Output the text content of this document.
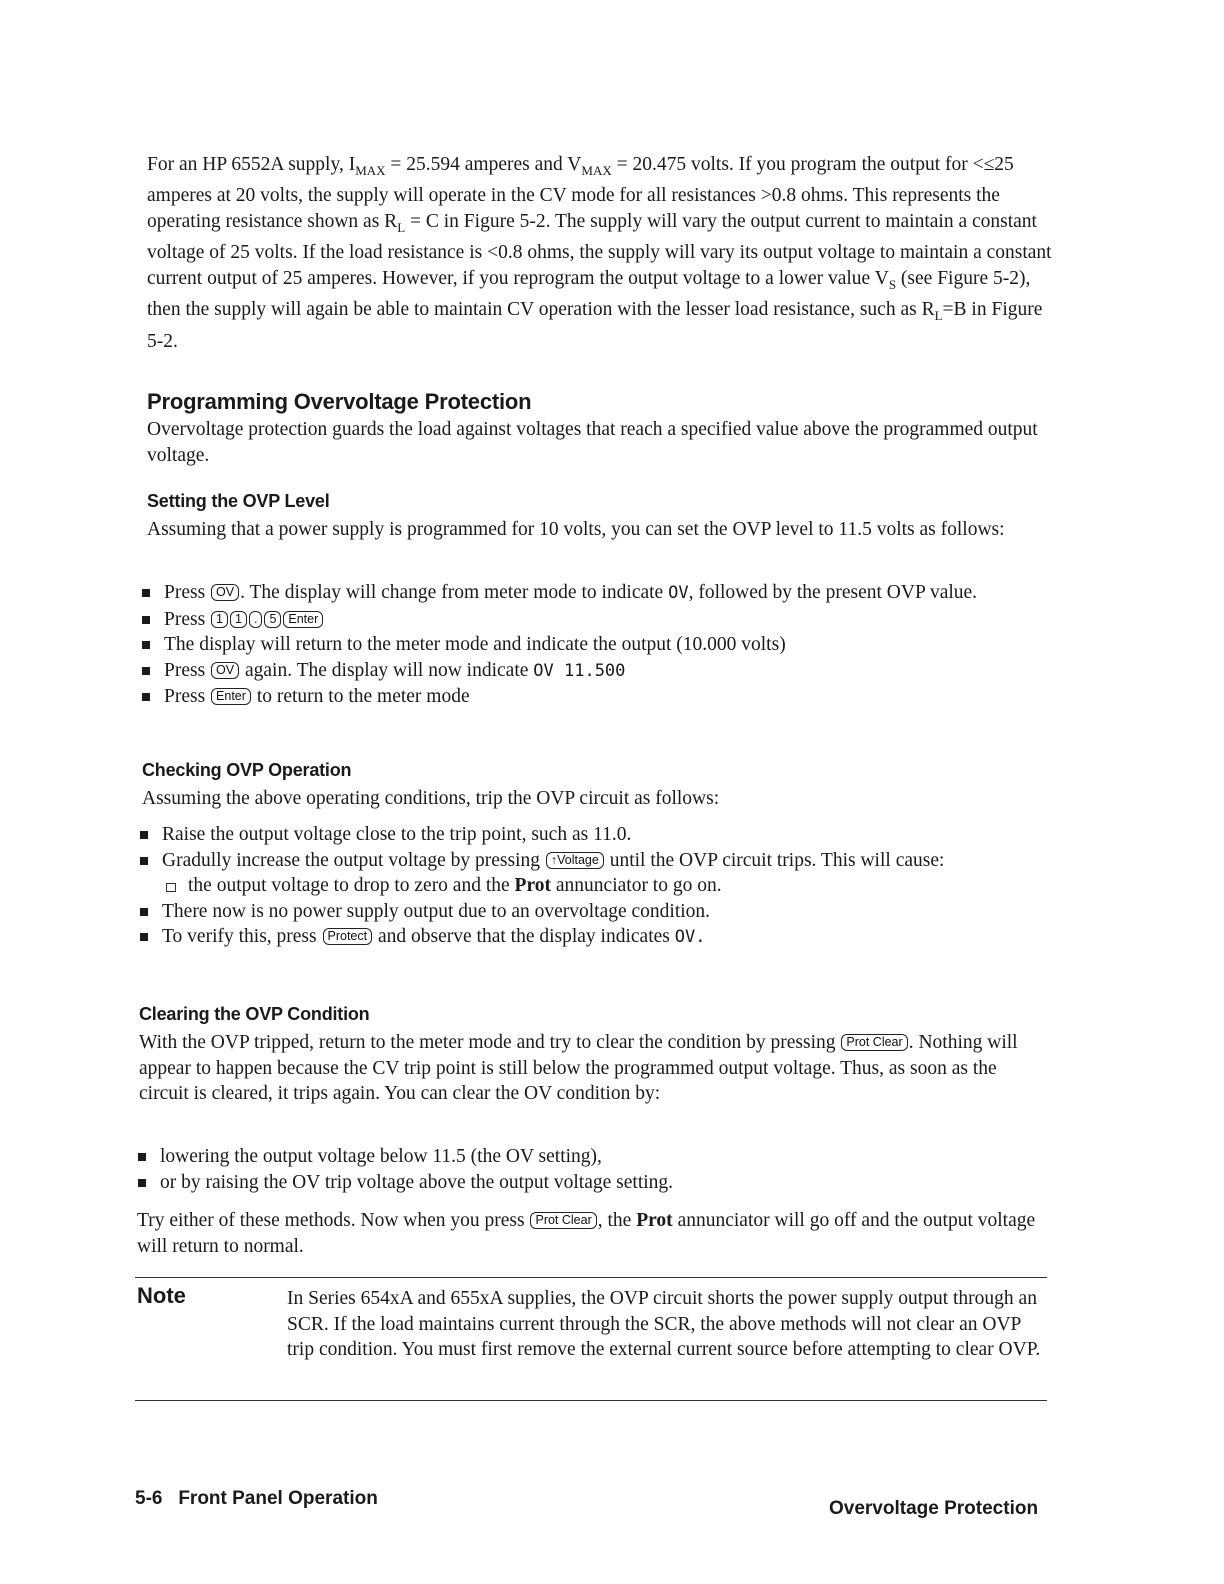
For an HP 6552A supply, $I_{MAX} = 25.594$ amperes and $V_{MAX} = 20.475$ volts. If you program the output for <≤25 amperes at 20 volts, the supply will operate in the CV mode for all resistances >0.8 ohms. This represents the operating resistance shown as $R_L = C$ in Figure 5-2. The supply will vary the output current to maintain a constant voltage of 25 volts. If the load resistance is <0.8 ohms, the supply will vary its output voltage to maintain a constant current output of 25 amperes. However, if you reprogram the output voltage to a lower value $V_S$ (see Figure 5-2), then the supply will again be able to maintain CV operation with the lesser load resistance, such as $R_L=B$ in Figure 5-2.
Programming Overvoltage Protection
Overvoltage protection guards the load against voltages that reach a specified value above the programmed output voltage.
Setting the OVP Level
Assuming that a power supply is programmed for 10 volts, you can set the OVP level to 11.5 volts as follows:
Press OV . The display will change from meter mode to indicate OV, followed by the present OVP value.
Press 1 1 . 5 Enter
The display will return to the meter mode and indicate the output (10.000 volts)
Press OV again. The display will now indicate OV 11.500
Press Enter to return to the meter mode
Checking OVP Operation
Assuming the above operating conditions, trip the OVP circuit as follows:
Raise the output voltage close to the trip point, such as 11.0.
Gradully increase the output voltage by pressing ↑Voltage until the OVP circuit trips. This will cause:
the output voltage to drop to zero and the Prot annunciator to go on.
There now is no power supply output due to an overvoltage condition.
To verify this, press Protect and observe that the display indicates OV.
Clearing the OVP Condition
With the OVP tripped, return to the meter mode and try to clear the condition by pressing Prot Clear . Nothing will appear to happen because the CV trip point is still below the programmed output voltage. Thus, as soon as the circuit is cleared, it trips again. You can clear the OV condition by:
lowering the output voltage below 11.5 (the OV setting),
or by raising the OV trip voltage above the output voltage setting.
Try either of these methods. Now when you press Prot Clear , the Prot annunciator will go off and the output voltage will return to normal.
Note	In Series 654xA and 655xA supplies, the OVP circuit shorts the power supply output through an SCR. If the load maintains current through the SCR, the above methods will not clear an OVP trip condition. You must first remove the external current source before attempting to clear OVP.
5-6 Front Panel Operation	Overvoltage Protection
